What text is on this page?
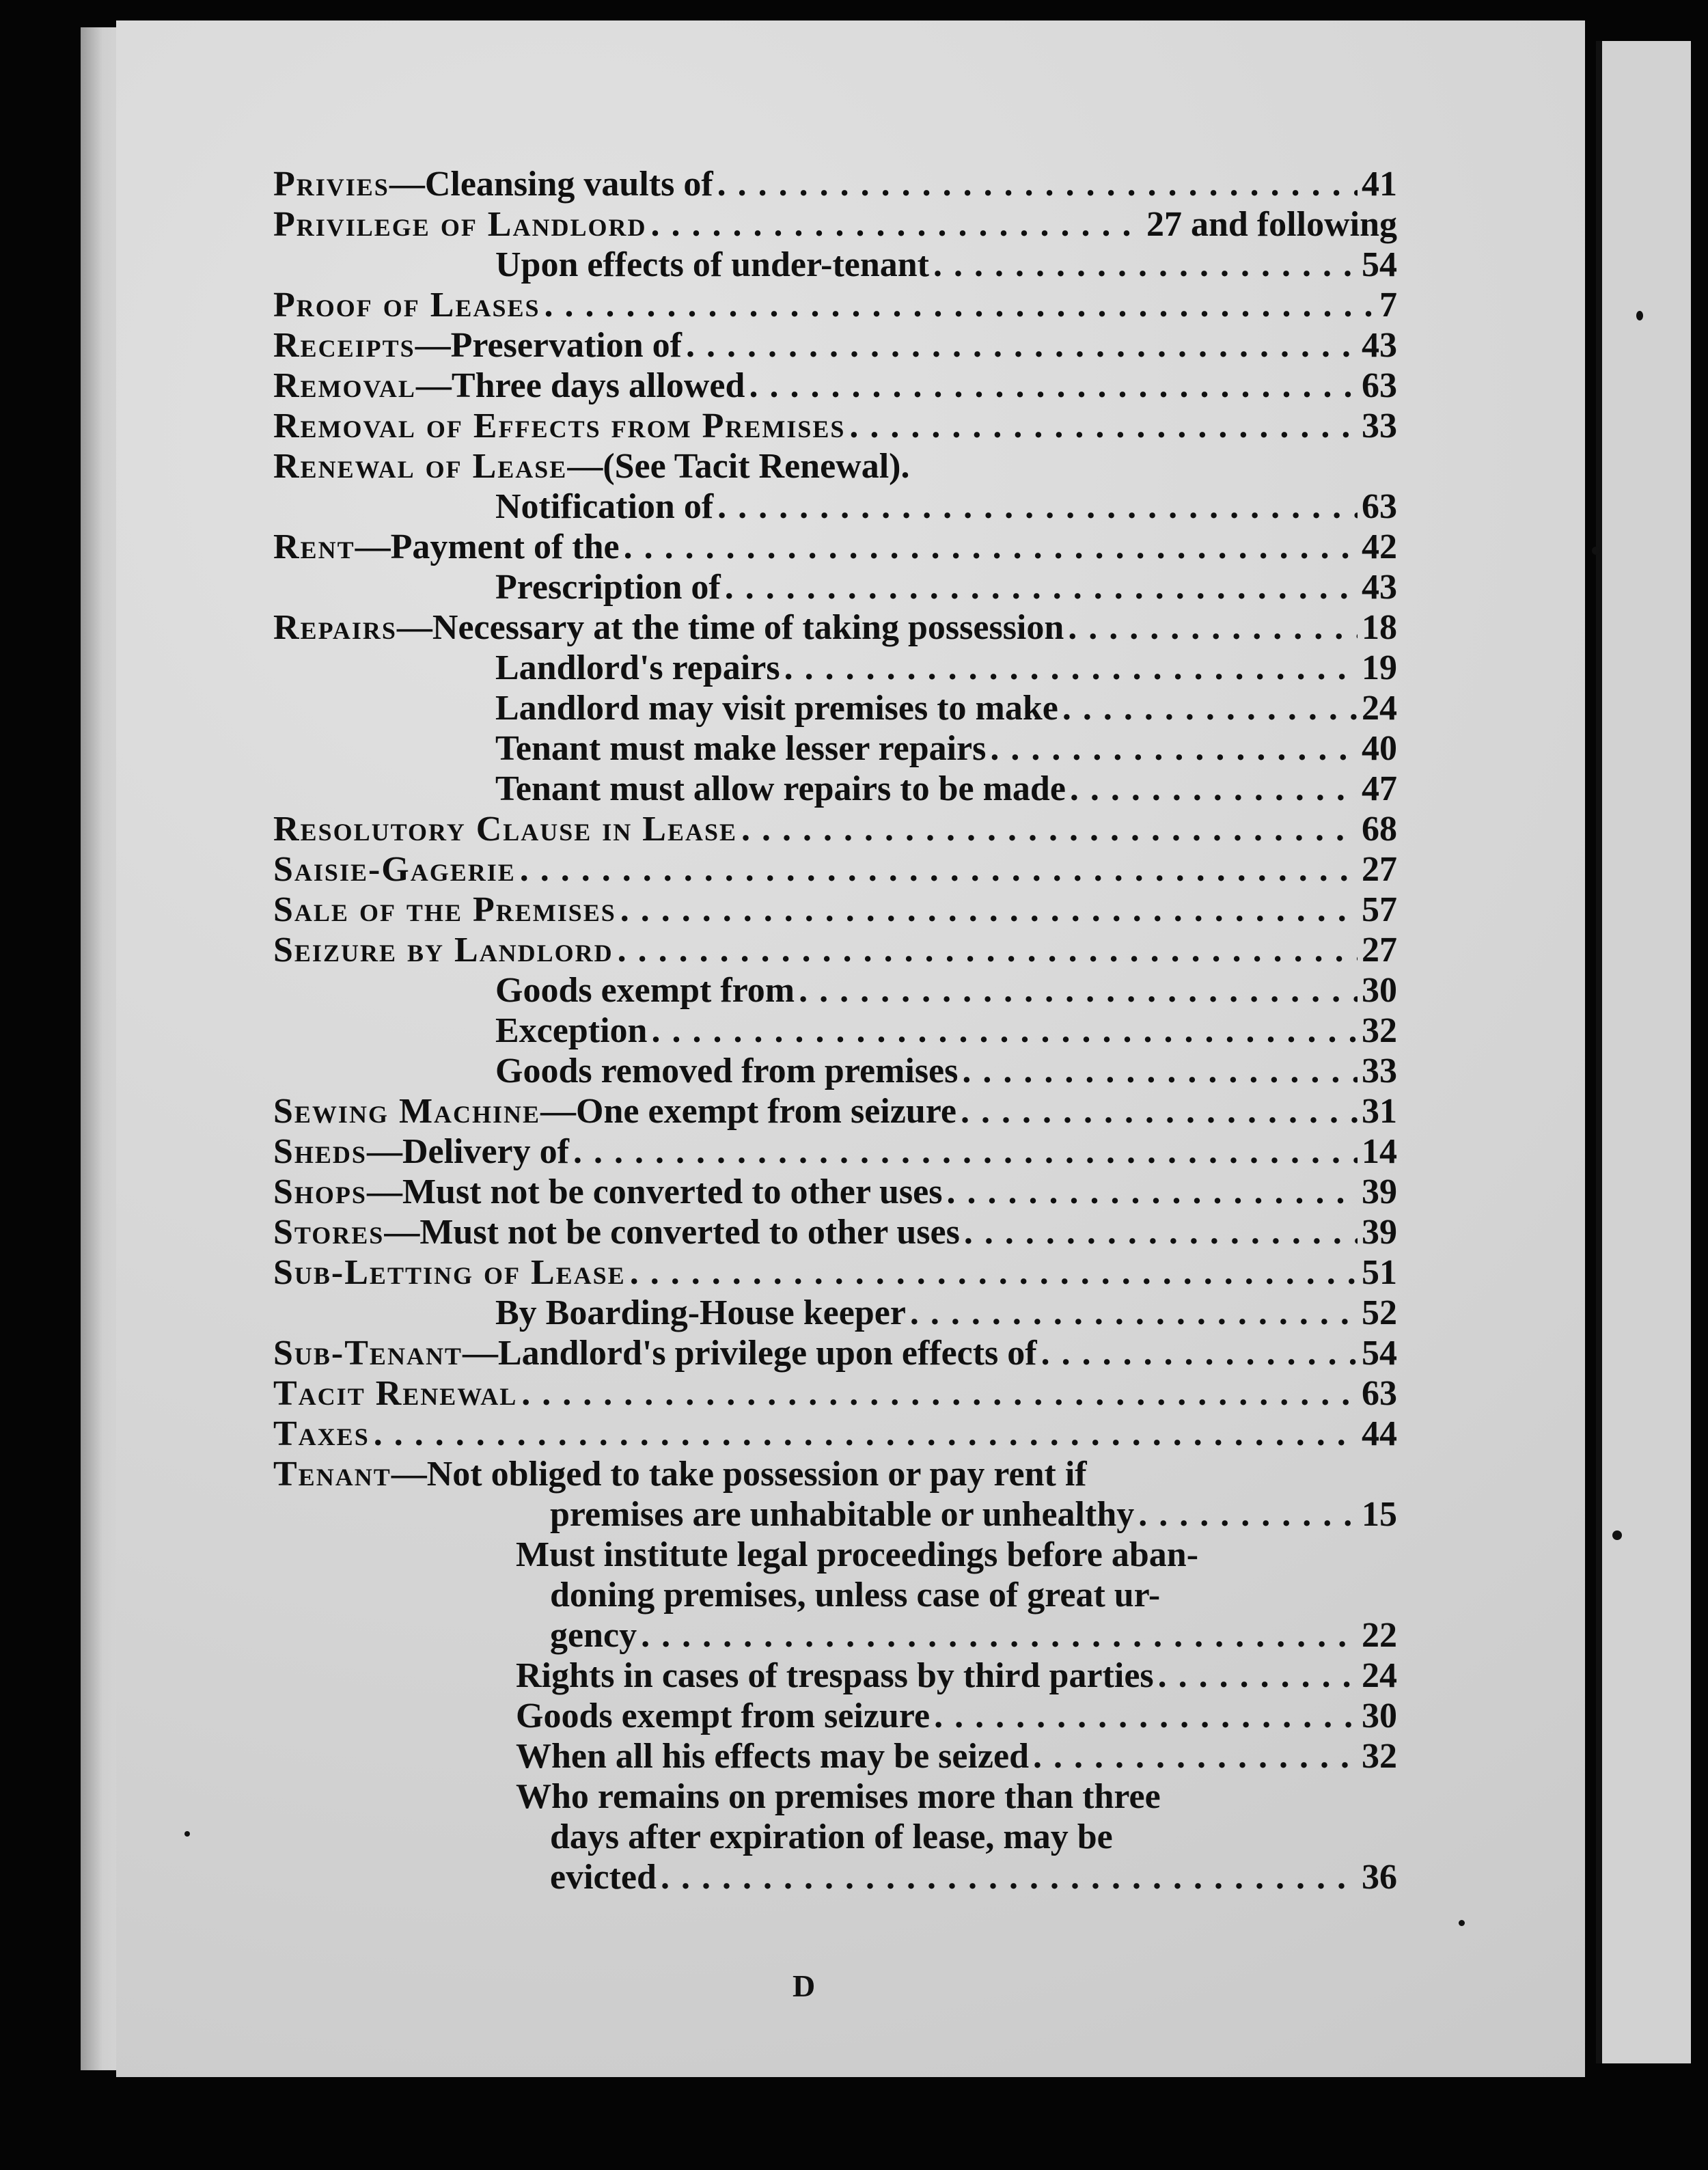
Privies —Cleansing vaults of . . .	41
Privilege of Landlord . . .	27 and following
Upon effects of under-tenant . . .	54
Proof of Leases . . .	7
Receipts —Preservation of . . .	43
Removal —Three days allowed . . .	63
Removal of Effects from Premises . . .	33
Renewal of Lease —(See Tacit Renewal).
Notification of . . .	63
Rent —Payment of the . . .	42
Prescription of . . .	43
Repairs —Necessary at the time of taking possession . . .	18
Landlord's repairs . . .	19
Landlord may visit premises to make . . .	24
Tenant must make lesser repairs . . .	40
Tenant must allow repairs to be made . . .	47
Resolutory Clause in Lease . . .	68
Saisie-Gagerie . . .	27
Sale of the Premises . . .	57
Seizure by Landlord . . .	27
Goods exempt from . . .	30
Exception . . .	32
Goods removed from premises . . .	33
Sewing Machine —One exempt from seizure . . .	31
Sheds —Delivery of . . .	14
Shops —Must not be converted to other uses . . .	39
Stores —Must not be converted to other uses . . .	39
Sub-Letting of Lease . . .	51
By Boarding-House keeper . . .	52
Sub-Tenant —Landlord's privilege upon effects of . . .	54
Tacit Renewal . . .	63
Taxes . . .	44
Tenant —Not obliged to take possession or pay rent if
premises are unhabitable or unhealthy . . .	15
Must institute legal proceedings before aban-
doning premises, unless case of great ur-
gency . . .	22
Rights in cases of trespass by third parties . . .	24
Goods exempt from seizure . . .	30
When all his effects may be seized . . .	32
Who remains on premises more than three
days after expiration of lease, may be
evicted . . .	36
D
